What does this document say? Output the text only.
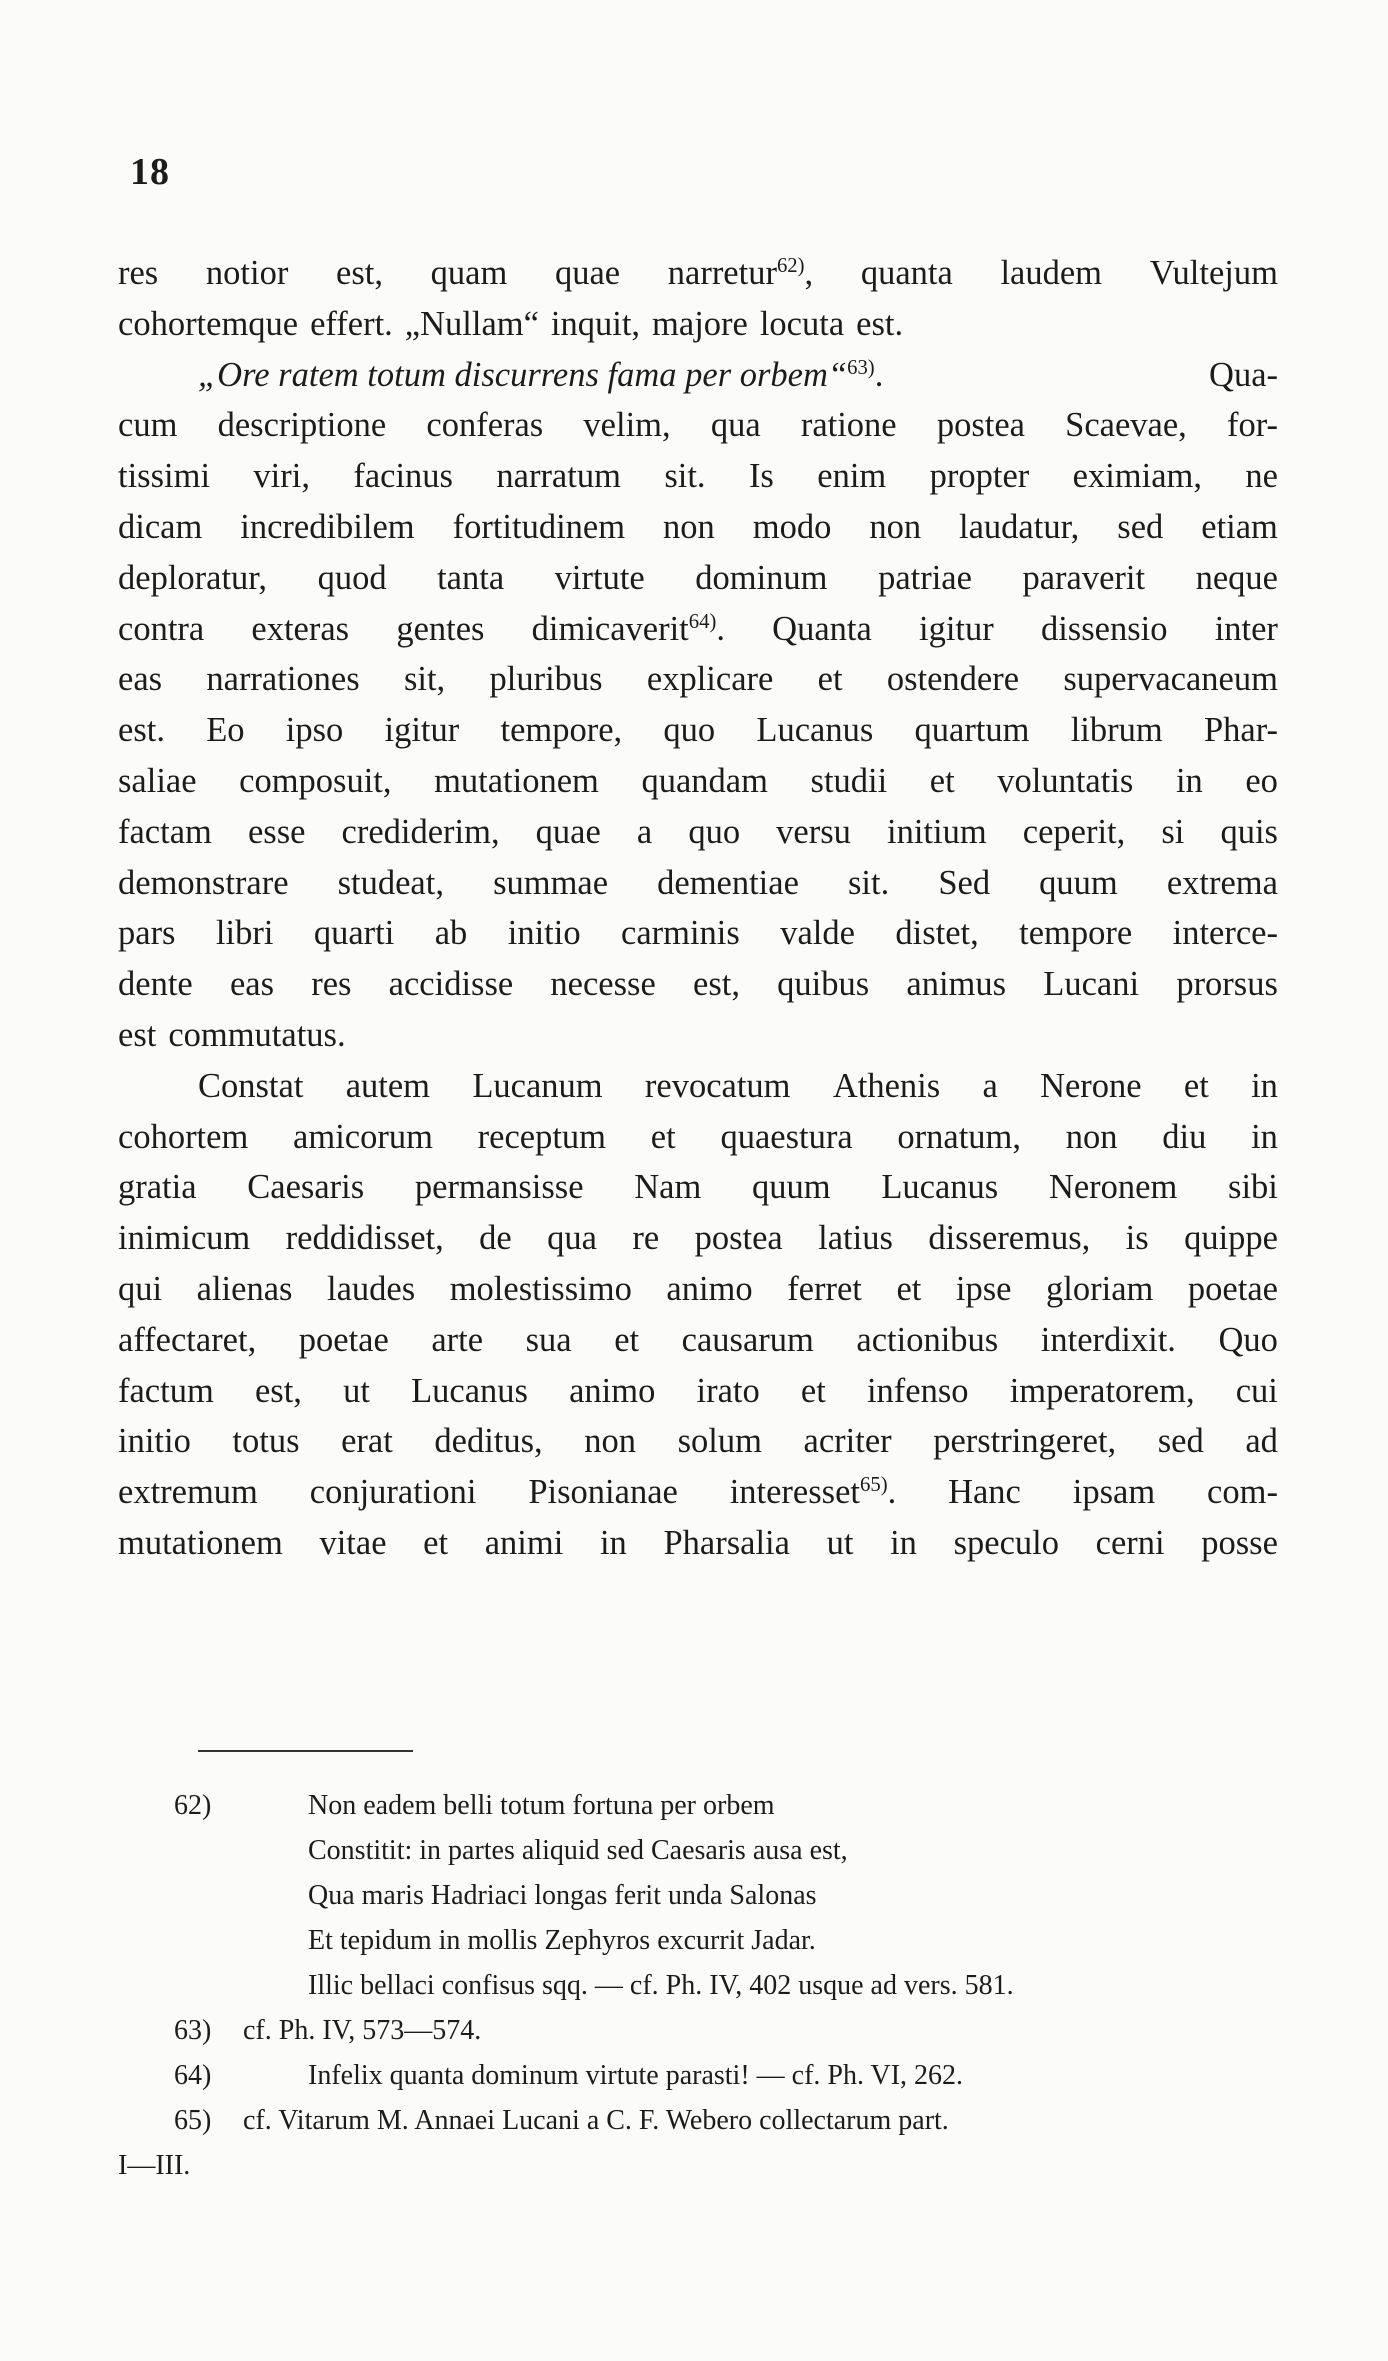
18
res notior est, quam quae narretur$^{62)}$, quanta laudem Vultejum
cohortemque effert. „Nullam“ inquit, majore locuta est.
„Ore ratem totum discurrens fama per orbem“$^{63)}$.	Qua-
cum descriptione conferas velim, qua ratione postea Scaevae, for-
tissimi viri, facinus narratum sit. Is enim propter eximiam, ne
dicam incredibilem fortitudinem non modo non laudatur, sed etiam
deploratur, quod tanta virtute dominum patriae paraverit neque
contra exteras gentes dimicaverit$^{64)}$. Quanta igitur dissensio inter
eas narrationes sit, pluribus explicare et ostendere supervacaneum
est. Eo ipso igitur tempore, quo Lucanus quartum librum Phar-
saliae composuit, mutationem quandam studii et voluntatis in eo
factam esse crediderim, quae a quo versu initium ceperit, si quis
demonstrare studeat, summae dementiae sit. Sed quum extrema
pars libri quarti ab initio carminis valde distet, tempore interce-
dente eas res accidisse necesse est, quibus animus Lucani prorsus
est commutatus.
Constat autem Lucanum revocatum Athenis a Nerone et in
cohortem amicorum receptum et quaestura ornatum, non diu in
gratia Caesaris permansisse Nam quum Lucanus Neronem sibi
inimicum reddidisset, de qua re postea latius disseremus, is quippe
qui alienas laudes molestissimo animo ferret et ipse gloriam poetae
affectaret, poetae arte sua et causarum actionibus interdixit. Quo
factum est, ut Lucanus animo irato et infenso imperatorem, cui
initio totus erat deditus, non solum acriter perstringeret, sed ad
extremum conjurationi Pisonianae interesset$^{65)}$. Hanc ipsam com-
mutationem vitae et animi in Pharsalia ut in speculo cerni posse
62)	Non eadem belli totum fortuna per orbem
Constitit: in partes aliquid sed Caesaris ausa est,
Qua maris Hadriaci longas ferit unda Salonas
Et tepidum in mollis Zephyros excurrit Jadar.
Illic bellaci confisus sqq. — cf. Ph. IV, 402 usque ad vers. 581.
63) cf. Ph. IV, 573—574.
64)	Infelix quanta dominum virtute parasti! — cf. Ph. VI, 262.
65) cf. Vitarum M. Annaei Lucani a C. F. Webero collectarum part.
I—III.
